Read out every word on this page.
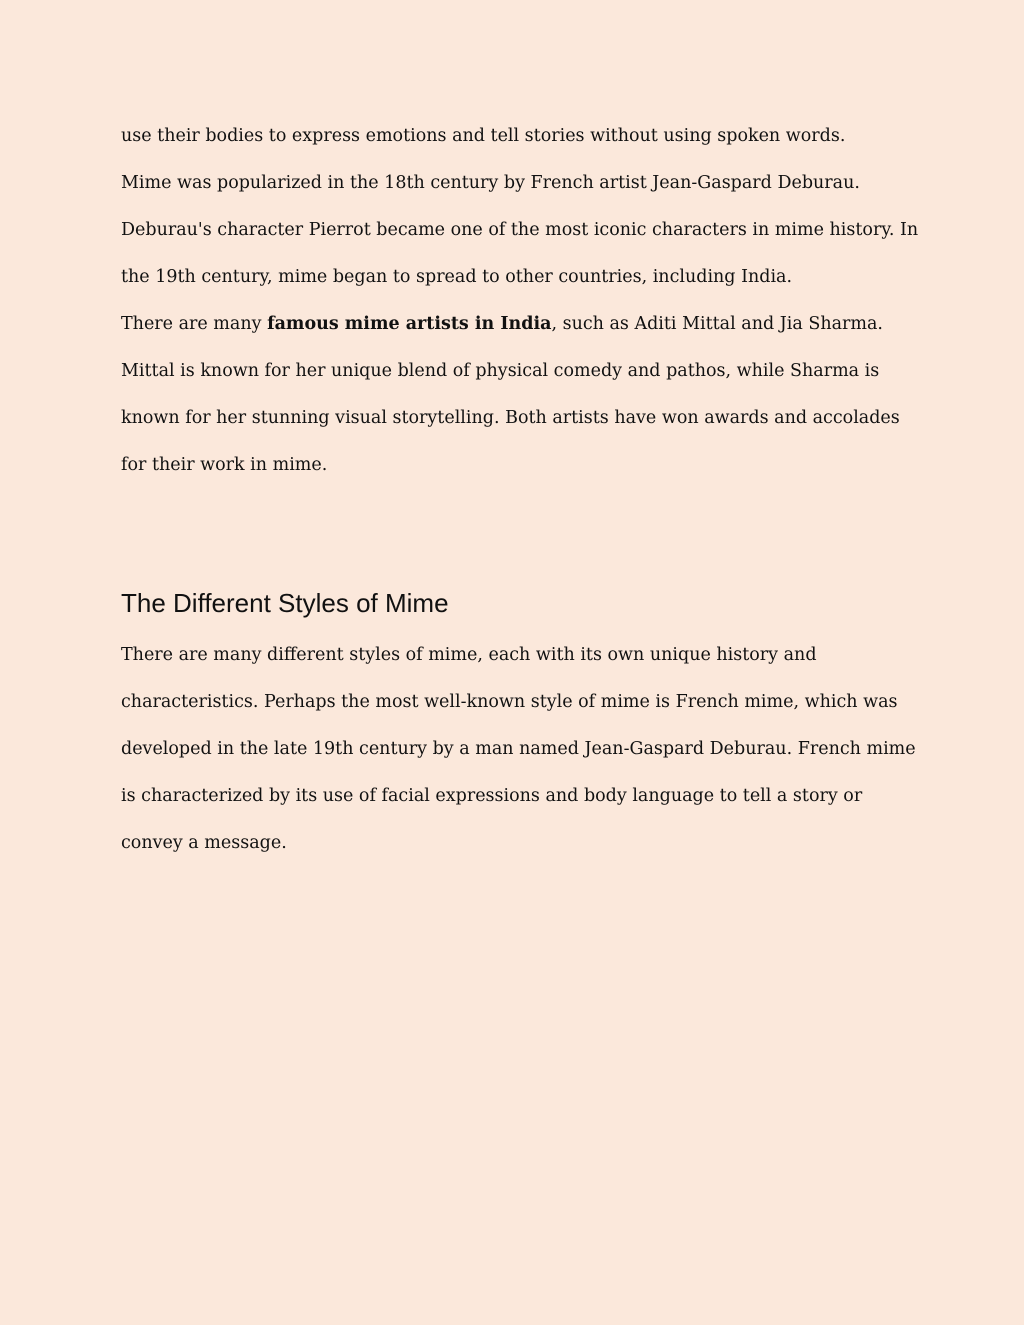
use their bodies to express emotions and tell stories without using spoken words.

Mime was popularized in the 18th century by French artist Jean-Gaspard Deburau. Deburau's character Pierrot became one of the most iconic characters in mime history. In the 19th century, mime began to spread to other countries, including India.

There are many famous mime artists in India, such as Aditi Mittal and Jia Sharma. Mittal is known for her unique blend of physical comedy and pathos, while Sharma is known for her stunning visual storytelling. Both artists have won awards and accolades for their work in mime.

The Different Styles of Mime

There are many different styles of mime, each with its own unique history and characteristics. Perhaps the most well-known style of mime is French mime, which was developed in the late 19th century by a man named Jean-Gaspard Deburau. French mime is characterized by its use of facial expressions and body language to tell a story or convey a message.
